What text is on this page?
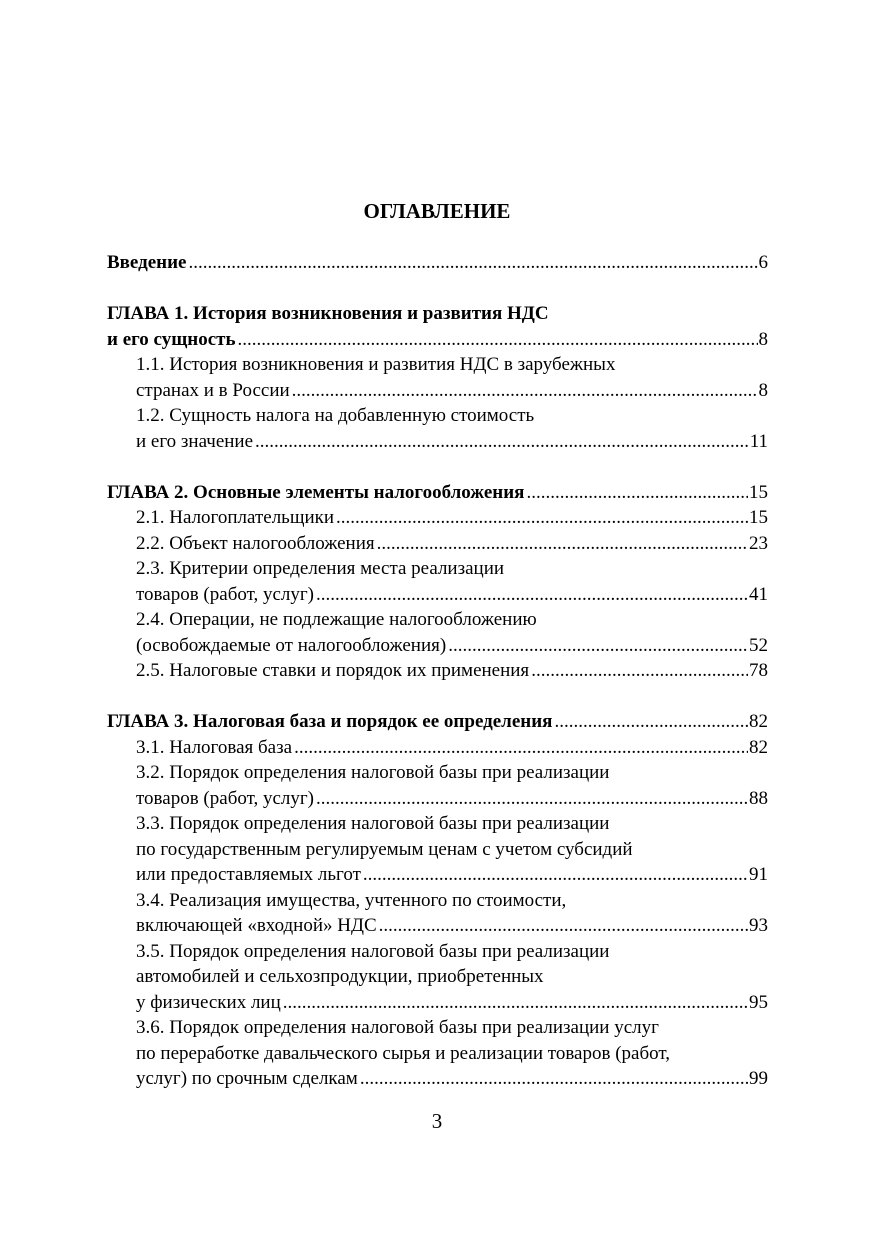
ОГЛАВЛЕНИЕ
Введение .....	6
ГЛАВА 1. История возникновения и развития НДС
и его сущность .....	8
1.1. История возникновения и развития НДС в зарубежных
странах и в России .....	8
1.2. Сущность налога на добавленную стоимость
и его значение .....	11
ГЛАВА 2. Основные элементы налогообложения .....	15
2.1. Налогоплательщики .....	15
2.2. Объект налогообложения .....	23
2.3. Критерии определения места реализации
товаров (работ, услуг) .....	41
2.4. Операции, не подлежащие налогообложению
(освобождаемые от налогообложения) .....	52
2.5. Налоговые ставки и порядок их применения .....	78
ГЛАВА 3. Налоговая база и порядок ее определения .....	82
3.1. Налоговая база .....	82
3.2. Порядок определения налоговой базы при реализации
товаров (работ, услуг) .....	88
3.3. Порядок определения налоговой базы при реализации
по государственным регулируемым ценам с учетом субсидий
или предоставляемых льгот .....	91
3.4. Реализация имущества, учтенного по стоимости,
включающей «входной» НДС .....	93
3.5. Порядок определения налоговой базы при реализации
автомобилей и сельхозпродукции, приобретенных
у физических лиц .....	95
3.6. Порядок определения налоговой базы при реализации услуг
по переработке давальческого сырья и реализации товаров (работ,
услуг) по срочным сделкам .....	99
3
